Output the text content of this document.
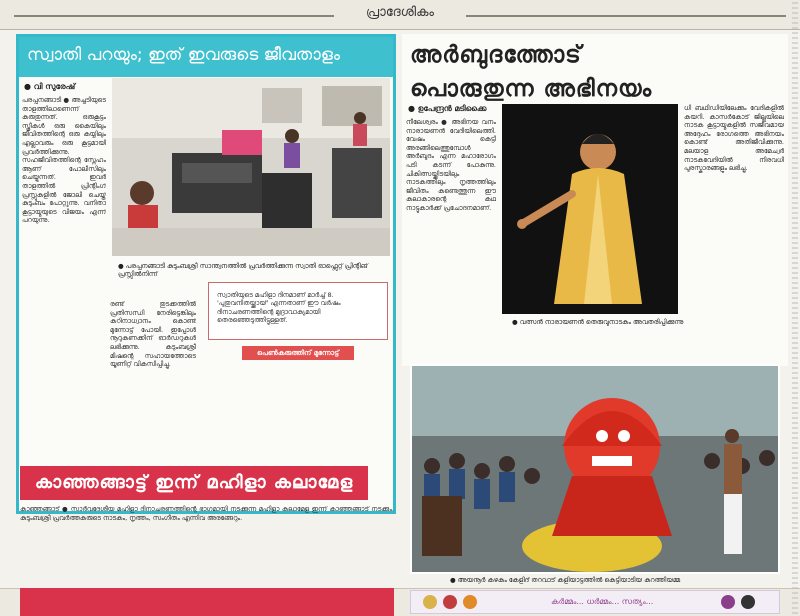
പ്രാദേശികം
സ്വാതി പറയും; ഇത് ഇവരുടെ ജീവതാളം
● വി സുരേഷ്

പരപ്പനങ്ങാടി ● അച്ചടിയുടെ താളത്തിലാണെന്ന് കരുതുന്നത്. ഒരുകൂട്ടം സ്ത്രീകൾ ഒരു കൈയിലും ജീവിതത്തിന്റെ ഒരു കയ്യിലും എല്ലാവരും ഒരു കൂട്ടമായി പ്രവർത്തിക്കുന്നു. സഹജീവിതത്തിന്റെ സ്നേഹം ആണ് പോലീസിലും ചെയ്യുന്നത്. ഇവർ താളത്തിൽ പ്രിന്റിംഗ് പ്രസ്സുകളിൽ ജോലി ചെയ്ത് കുടുംബം പോറ്റുന്നു. വനിതാ കൂട്ടായ്മയുടെ വിജയം എന്ന് പറയുന്നു.

● പരപ്പനങ്ങാടി കുടുംബശ്രീ സാന്ത്വനത്തിൽ പ്രവർത്തിക്കുന്ന സ്വാതി ഓഫ്സെറ്റ് പ്രിന്റിങ് പ്രസ്സിൽനിന്ന്

രണ്ട് തുടക്കത്തിൽ പ്രതിസന്ധി നേരിട്ടെങ്കിലും കഠിനാധ്വാനം കൊണ്ട് മുന്നോട്ട് പോയി. ഇപ്പോൾ നൂറുകണക്കിന് ഓർഡറുകൾ ലഭിക്കുന്നു. കുടുംബശ്രീ മിഷന്റെ സഹായത്തോടെ യൂണിറ്റ് വികസിപ്പിച്ചു.

സ്വാതിയുടെ മഹിളാ ദിനമാണ് മാർച്ച് 8. 'പുതുവനിതയ്ക്കായ്' എന്നതാണ് ഈ വർഷം ദിനാചരണത്തിന്റെ മുദ്രാവാക്യമായി തെരഞ്ഞെടുത്തിട്ടുള്ളത്.

പെൺകരുത്തിന് മുന്നോട്ട്
കാഞ്ഞങ്ങാട്ട് ഇന്ന് മഹിളാ കലാമേള

കാഞ്ഞങ്ങാട് ● സാർവദേശീയ മഹിളാ ദിനാചരണത്തിന്റെ ഭാഗമായി നടക്കുന്ന മഹിളാ കലാമേള ഇന്ന് കാഞ്ഞങ്ങാട് നടക്കും. കുടുംബശ്രീ പ്രവർത്തകരുടെ നാടകം, നൃത്തം, സംഗീതം എന്നിവ അരങ്ങേറും.

അർബുദത്തോട്
പൊരുതുന്ന അഭിനയം
● ഉപേന്ദ്രൻ മടിക്കൈ

നീലേശ്വരം ● അഭിനയ വനം നാരായണൻ വേദിയിലെത്തി. വേഷം കെട്ടി അരങ്ങിലെത്തുമ്പോൾ അർബുദം എന്ന മഹാരോഗം പടി കടന്ന് പോകുന്നു. ചികിത്സയ്ക്കിടയിലും നാടകത്തിലും നൃത്തത്തിലും ജീവിതം കണ്ടെത്തുന്ന ഈ കലാകാരന്റെ കഥ നാട്ടുകാർക്ക് പ്രചോദനമാണ്.

● വത്സൻ നാരായണൻ തെരുവുനാടകം അവതരിപ്പിക്കുന്നു

ധി ബഥിഡിയിലേക്കും വേദികളിൽ കയറി. കാസർകോട് ജില്ലയിലെ നാടക കൂട്ടായ്മകളിൽ സജീവമായ അദ്ദേഹം രോഗത്തെ അഭിനയം കൊണ്ട് അതിജീവിക്കുന്നു. മലയാള അമേച്വർ നാടകവേദിയിൽ നിരവധി പുരസ്കാരങ്ങളും ലഭിച്ചു.

● അയനൂർ കഴകം കേളിദ് തറവാട് കളിയാട്ടത്തിൽ കെട്ടിയാടിയ കുറത്തിയമ്മ
കർമ്മം... ധർമ്മം... സത്യം...
